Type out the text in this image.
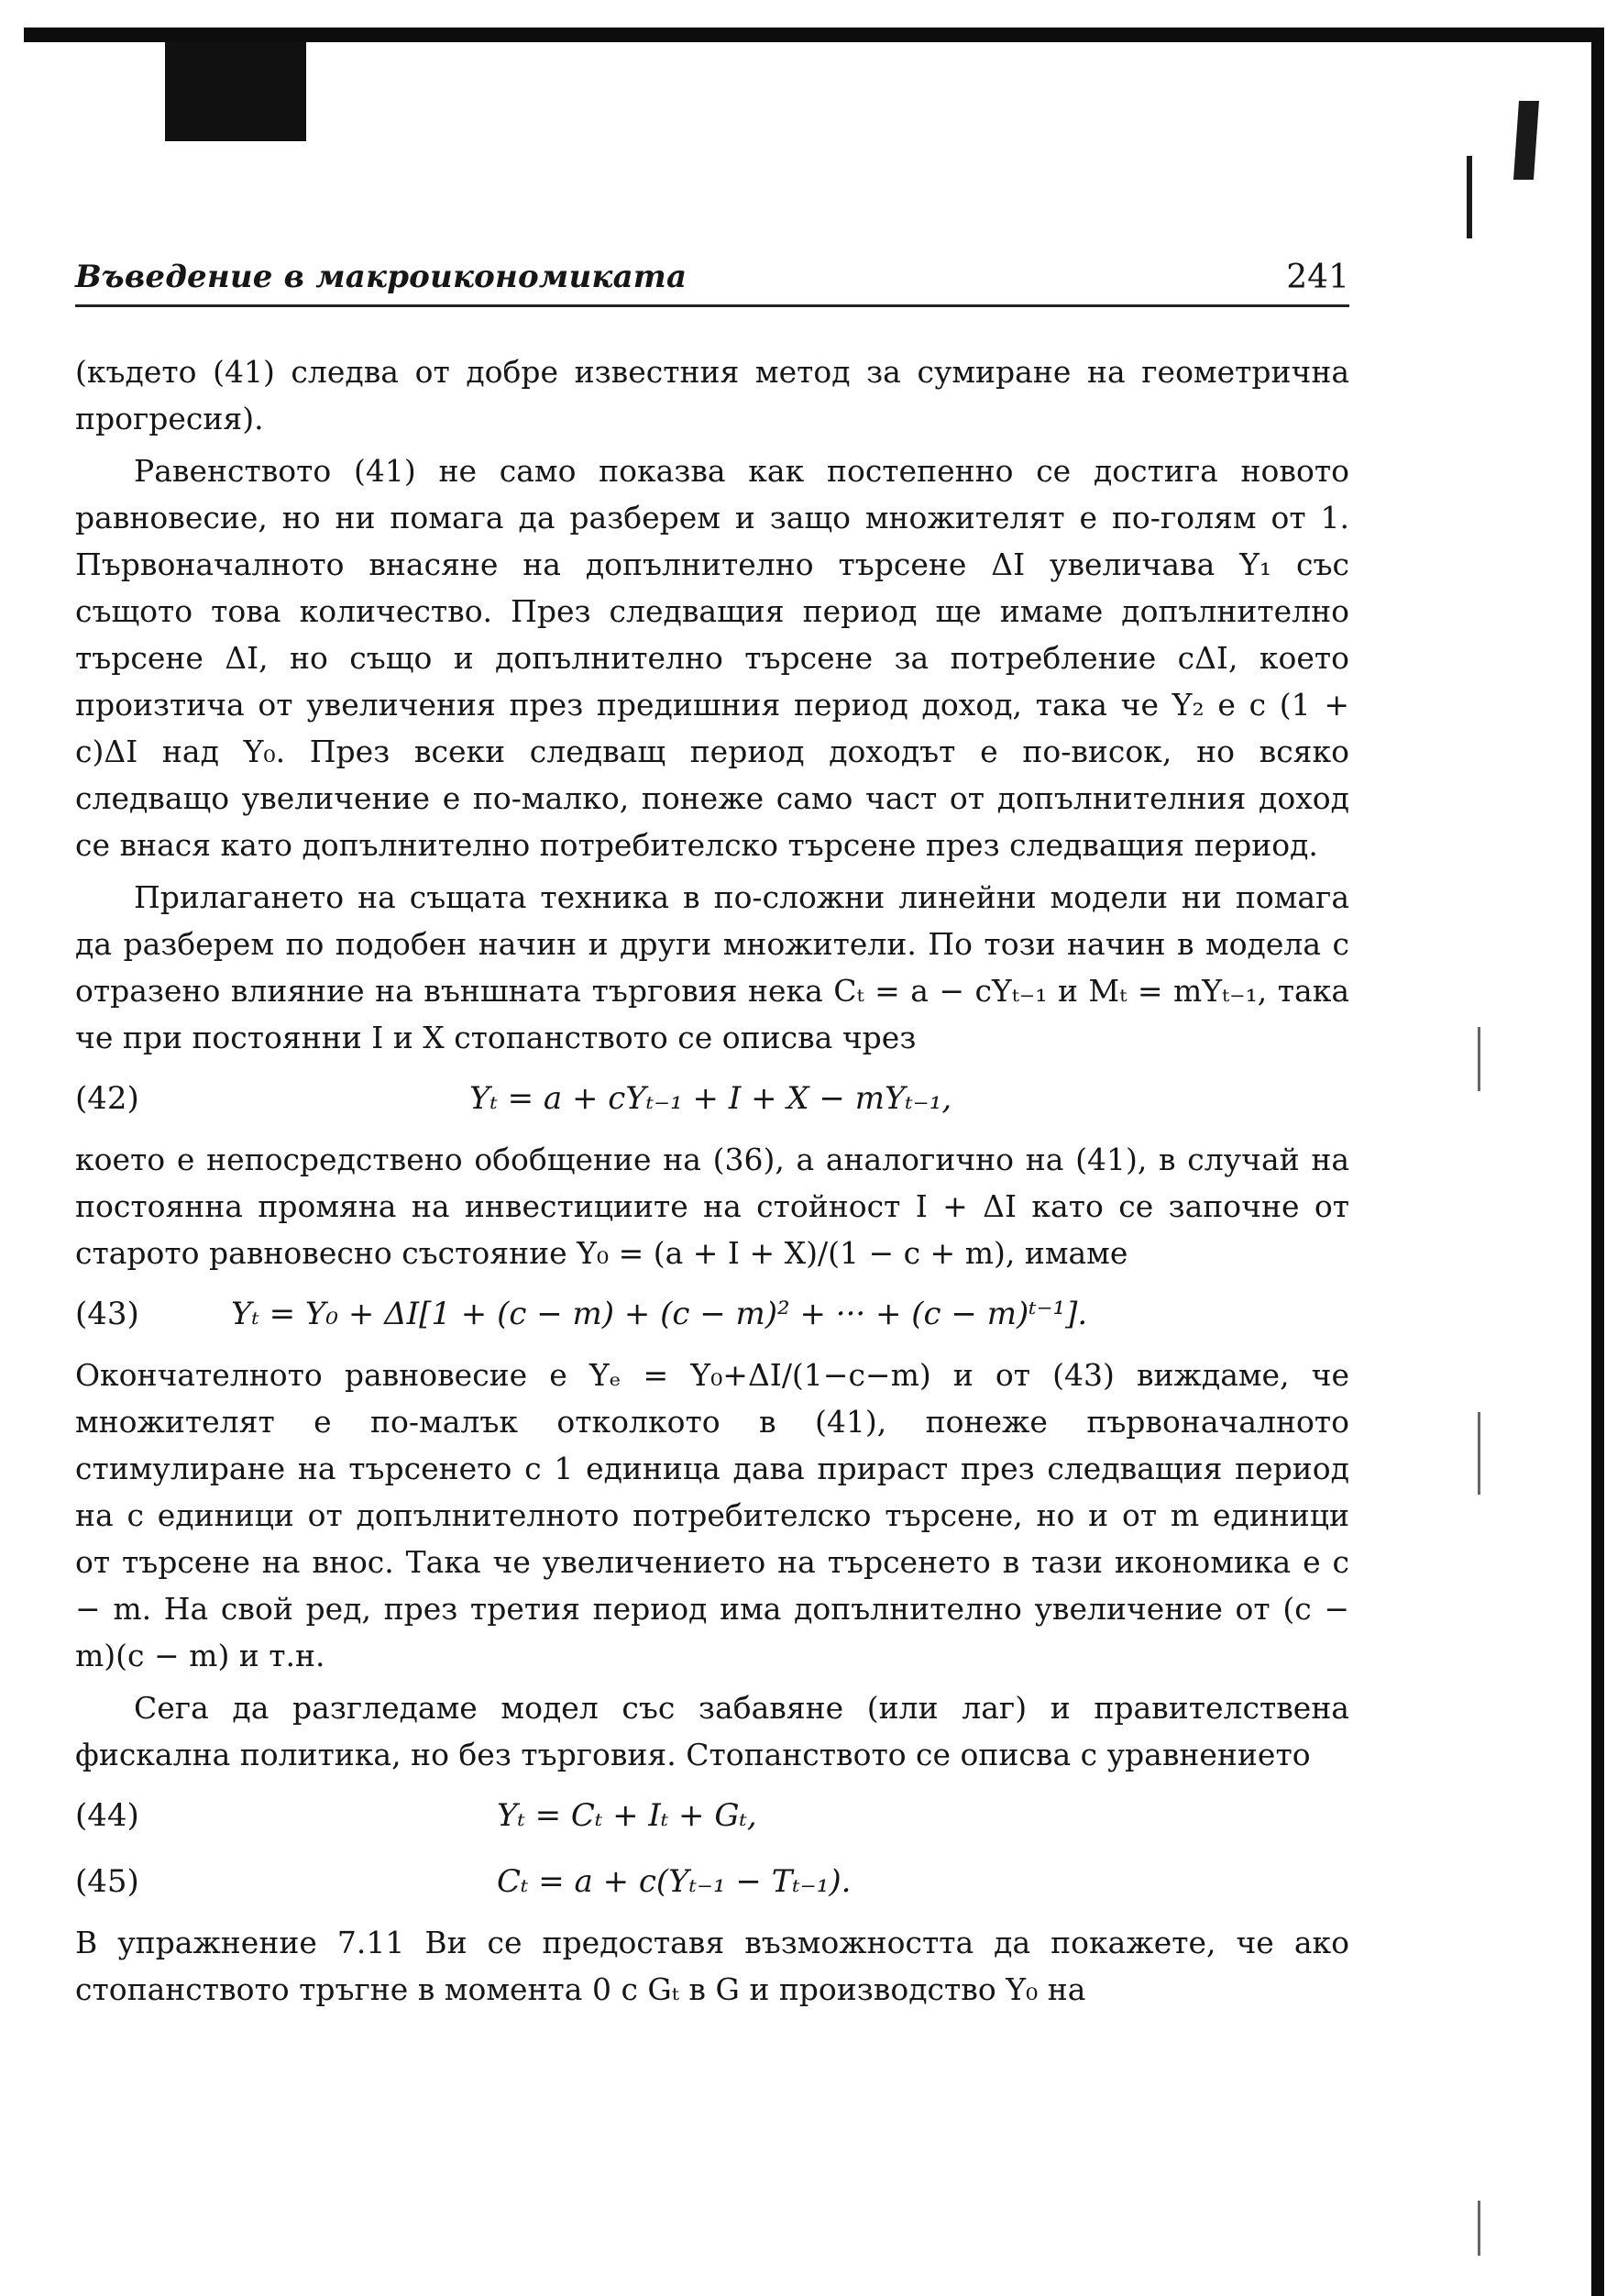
Въведение в макроикономиката	241

(където (41) следва от добре известния метод за сумиране на геометрична прогресия).

Равенството (41) не само показва как постепенно се достига новото равновесие, но ни помага да разберем и защо множителят е по-голям от 1. Първоначалното внасяне на допълнително търсене ΔI увеличава Y₁ със същото това количество. През следващия период ще имаме допълнително търсене ΔI, но също и допълнително търсене за потребление cΔI, което произтича от увеличения през предишния период доход, така че Y₂ е с (1 + c)ΔI над Y₀. През всеки следващ период доходът е по-висок, но всяко следващо увеличение е по-малко, понеже само част от допълнителния доход се внася като допълнително потребителско търсене през следващия период.

Прилагането на същата техника в по-сложни линейни модели ни помага да разберем по подобен начин и други множители. По този начин в модела с отразено влияние на външната търговия нека Cₜ = a − cYₜ₋₁ и Mₜ = mYₜ₋₁, така че при постоянни I и X стопанството се описва чрез

(42)	Yₜ = a + cYₜ₋₁ + I + X − mYₜ₋₁,

което е непосредствено обобщение на (36), а аналогично на (41), в случай на постоянна промяна на инвестициите на стойност I + ΔI като се започне от старото равновесно състояние Y₀ = (a + I + X)/(1 − c + m), имаме

(43)	Yₜ = Y₀ + ΔI[1 + (c − m) + (c − m)² + ··· + (c − m)ᵗ⁻¹].

Окончателното равновесие е Yₑ = Y₀+ΔI/(1−c−m) и от (43) виждаме, че множителят е по-малък отколкото в (41), понеже първоначалното стимулиране на търсенето с 1 единица дава прираст през следващия период на c единици от допълнителното потребителско търсене, но и от m единици от търсене на внос. Така че увеличението на търсенето в тази икономика е c − m. На свой ред, през третия период има допълнително увеличение от (c − m)(c − m) и т.н.

Сега да разгледаме модел със забавяне (или лаг) и правителствена фискална политика, но без търговия. Стопанството се описва с уравнението

(44)	Yₜ = Cₜ + Iₜ + Gₜ,
(45)	Cₜ = a + c(Yₜ₋₁ − Tₜ₋₁).

В упражнение 7.11 Ви се предоставя възможността да покажете, че ако стопанството тръгне в момента 0 с Gₜ в G и производство Y₀ на
